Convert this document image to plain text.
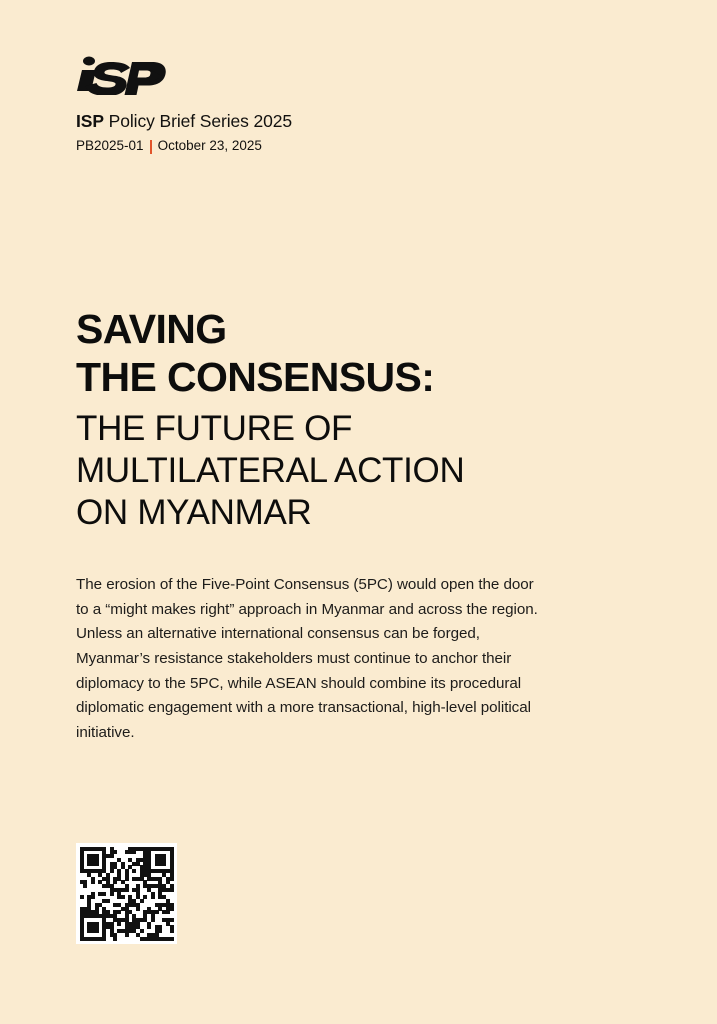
ISP Policy Brief Series 2025
PB2025-01 October 23, 2025
SAVING
THE CONSENSUS:
THE FUTURE OF
MULTILATERAL ACTION
ON MYANMAR

The erosion of the Five-Point Consensus (5PC) would open the door to a “might makes right” approach in Myanmar and across the region. Unless an alternative international consensus can be forged, Myanmar’s resistance stakeholders must continue to anchor their diplomacy to the 5PC, while ASEAN should combine its procedural diplomatic engagement with a more transactional, high-level political initiative.
